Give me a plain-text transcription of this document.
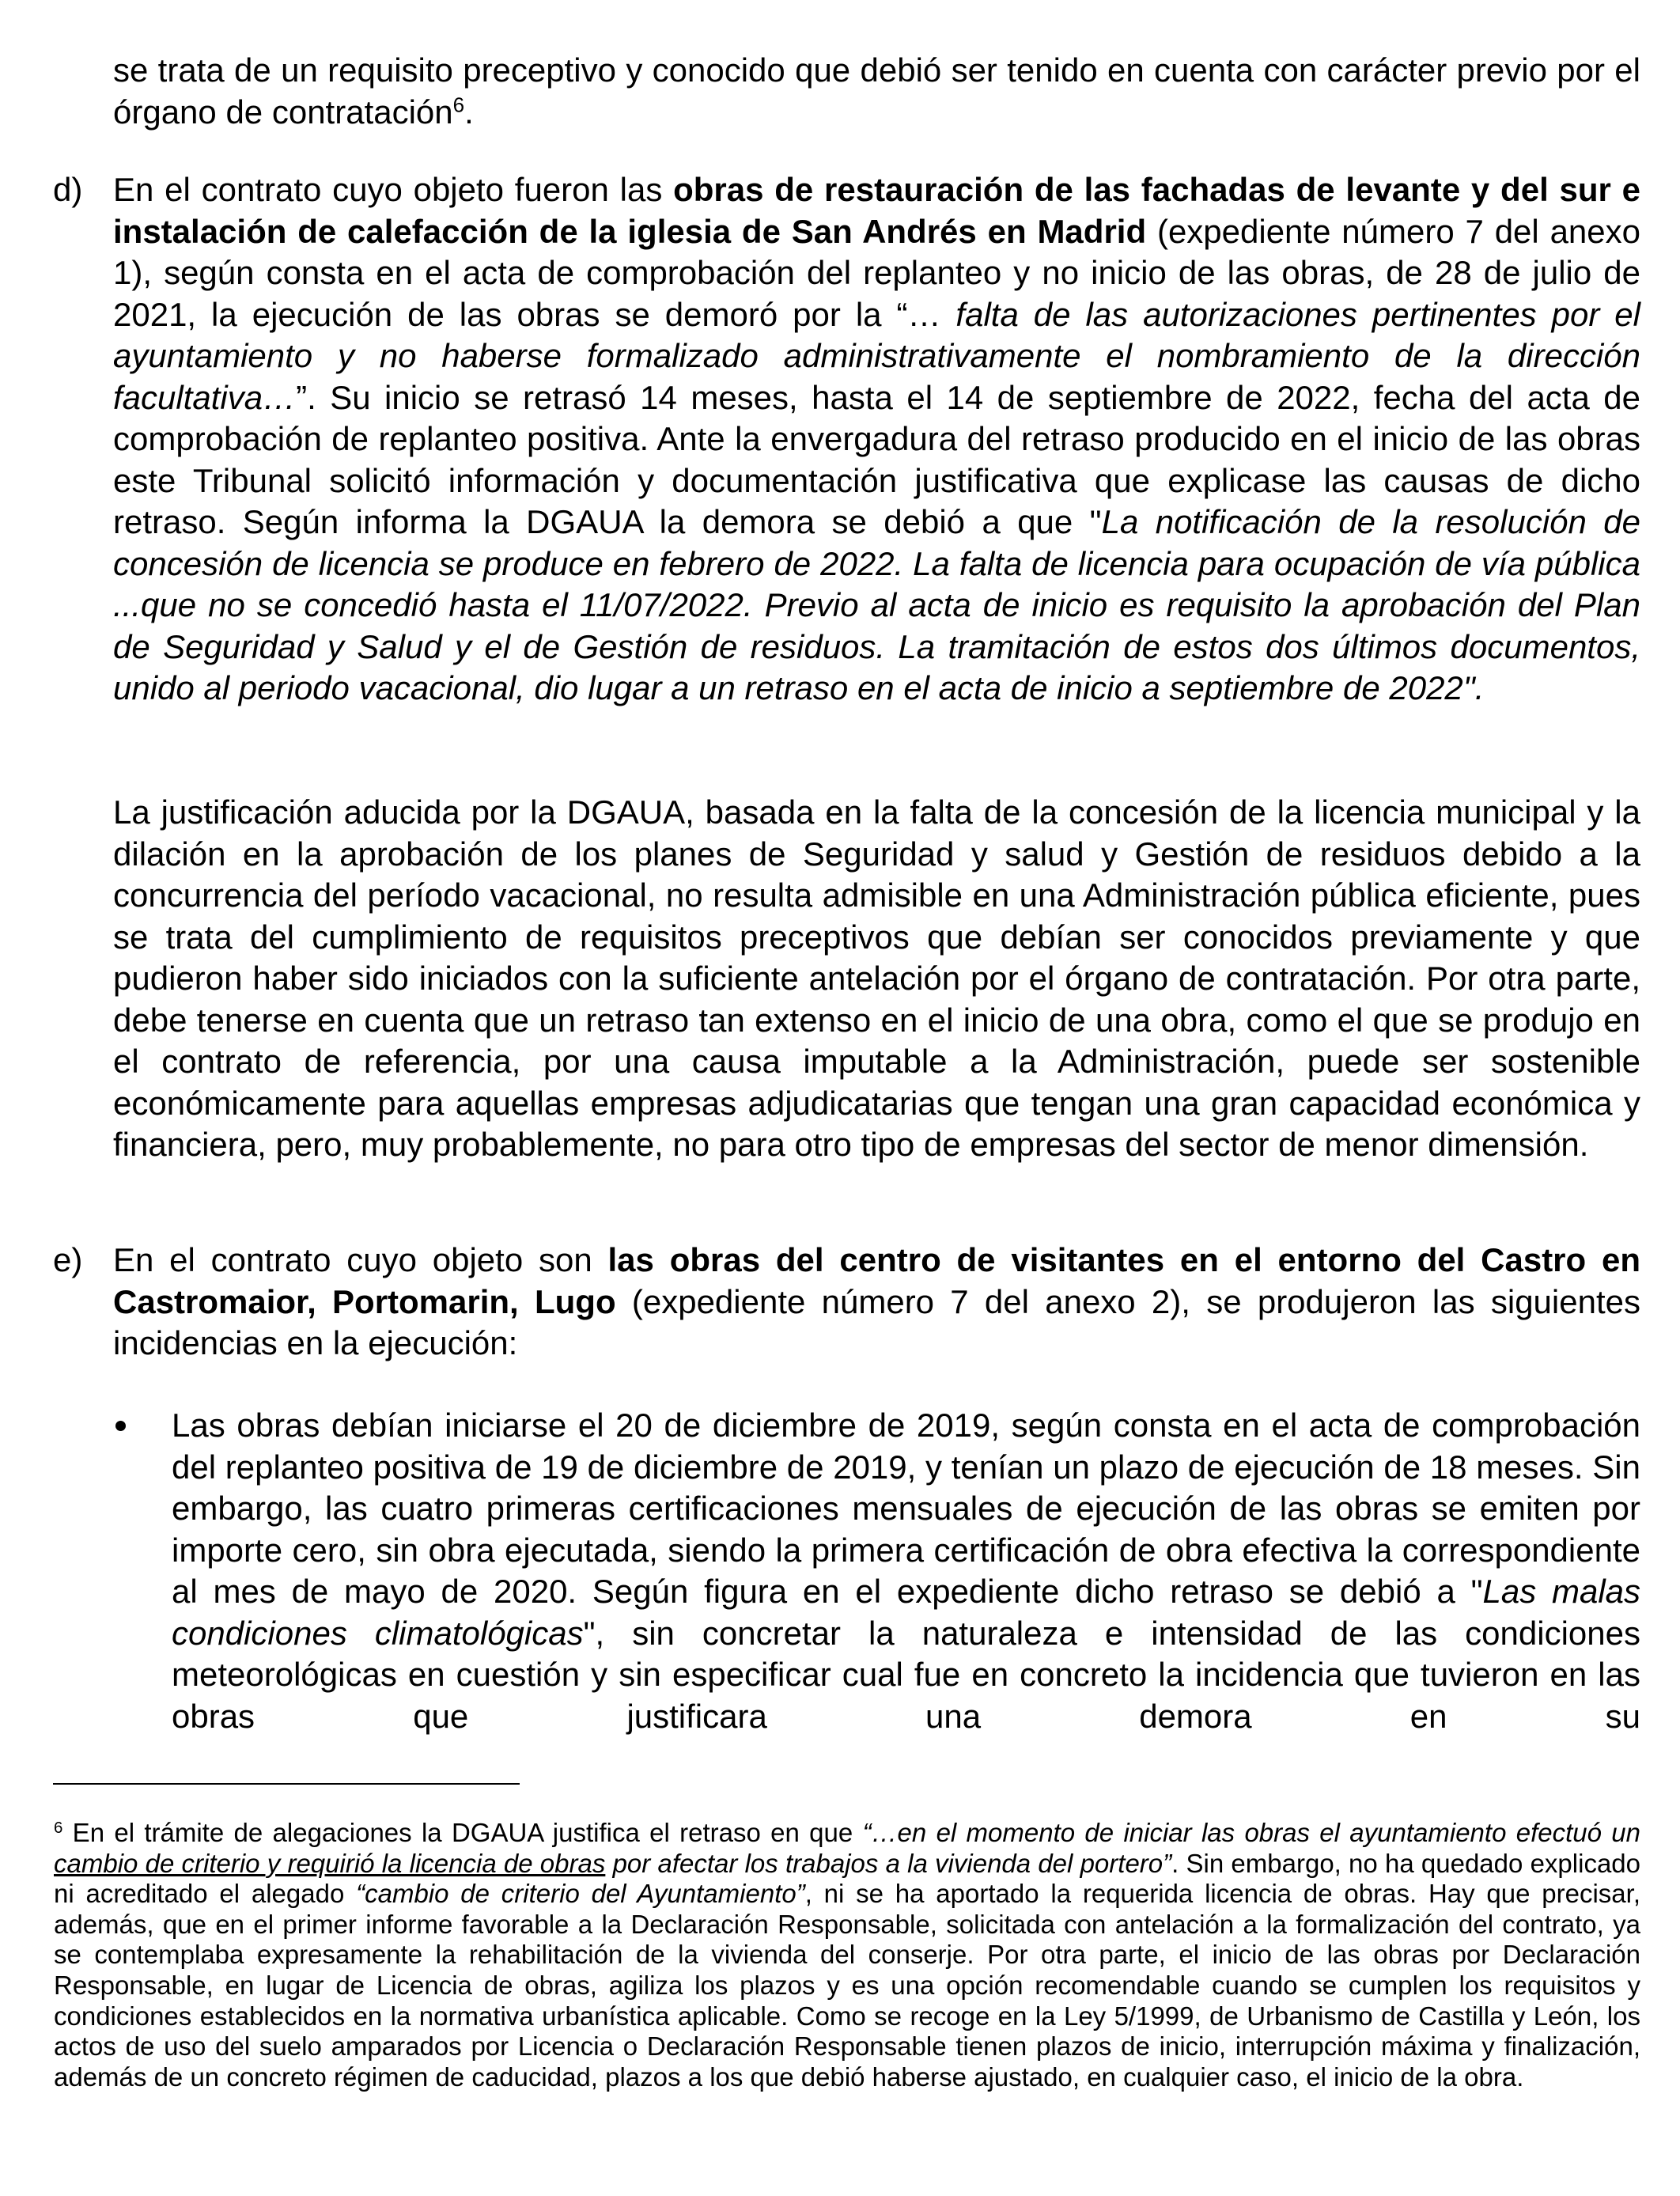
se trata de un requisito preceptivo y conocido que debió ser tenido en cuenta con carácter previo por el órgano de contratación$^6$.

d) En el contrato cuyo objeto fueron las obras de restauración de las fachadas de levante y del sur e instalación de calefacción de la iglesia de San Andrés en Madrid (expediente número 7 del anexo 1), según consta en el acta de comprobación del replanteo y no inicio de las obras, de 28 de julio de 2021, la ejecución de las obras se demoró por la “… falta de las autorizaciones pertinentes por el ayuntamiento y no haberse formalizado administrativamente el nombramiento de la dirección facultativa…”. Su inicio se retrasó 14 meses, hasta el 14 de septiembre de 2022, fecha del acta de comprobación de replanteo positiva. Ante la envergadura del retraso producido en el inicio de las obras este Tribunal solicitó información y documentación justificativa que explicase las causas de dicho retraso. Según informa la DGAUA la demora se debió a que "La notificación de la resolución de concesión de licencia se produce en febrero de 2022. La falta de licencia para ocupación de vía pública ...que no se concedió hasta el 11/07/2022. Previo al acta de inicio es requisito la aprobación del Plan de Seguridad y Salud y el de Gestión de residuos. La tramitación de estos dos últimos documentos, unido al periodo vacacional, dio lugar a un retraso en el acta de inicio a septiembre de 2022".

La justificación aducida por la DGAUA, basada en la falta de la concesión de la licencia municipal y la dilación en la aprobación de los planes de Seguridad y salud y Gestión de residuos debido a la concurrencia del período vacacional, no resulta admisible en una Administración pública eficiente, pues se trata del cumplimiento de requisitos preceptivos que debían ser conocidos previamente y que pudieron haber sido iniciados con la suficiente antelación por el órgano de contratación. Por otra parte, debe tenerse en cuenta que un retraso tan extenso en el inicio de una obra, como el que se produjo en el contrato de referencia, por una causa imputable a la Administración, puede ser sostenible económicamente para aquellas empresas adjudicatarias que tengan una gran capacidad económica y financiera, pero, muy probablemente, no para otro tipo de empresas del sector de menor dimensión.

e) En el contrato cuyo objeto son las obras del centro de visitantes en el entorno del Castro en Castromaior, Portomarin, Lugo (expediente número 7 del anexo 2), se produjeron las siguientes incidencias en la ejecución:

Las obras debían iniciarse el 20 de diciembre de 2019, según consta en el acta de comprobación del replanteo positiva de 19 de diciembre de 2019, y tenían un plazo de ejecución de 18 meses. Sin embargo, las cuatro primeras certificaciones mensuales de ejecución de las obras se emiten por importe cero, sin obra ejecutada, siendo la primera certificación de obra efectiva la correspondiente al mes de mayo de 2020. Según figura en el expediente dicho retraso se debió a "Las malas condiciones climatológicas", sin concretar la naturaleza e intensidad de las condiciones meteorológicas en cuestión y sin especificar cual fue en concreto la incidencia que tuvieron en las obras que justificara una demora en su

$^6$ En el trámite de alegaciones la DGAUA justifica el retraso en que “…en el momento de iniciar las obras el ayuntamiento efectuó un cambio de criterio y requirió la licencia de obras por afectar los trabajos a la vivienda del portero”. Sin embargo, no ha quedado explicado ni acreditado el alegado “cambio de criterio del Ayuntamiento”, ni se ha aportado la requerida licencia de obras. Hay que precisar, además, que en el primer informe favorable a la Declaración Responsable, solicitada con antelación a la formalización del contrato, ya se contemplaba expresamente la rehabilitación de la vivienda del conserje. Por otra parte, el inicio de las obras por Declaración Responsable, en lugar de Licencia de obras, agiliza los plazos y es una opción recomendable cuando se cumplen los requisitos y condiciones establecidos en la normativa urbanística aplicable. Como se recoge en la Ley 5/1999, de Urbanismo de Castilla y León, los actos de uso del suelo amparados por Licencia o Declaración Responsable tienen plazos de inicio, interrupción máxima y finalización, además de un concreto régimen de caducidad, plazos a los que debió haberse ajustado, en cualquier caso, el inicio de la obra.
